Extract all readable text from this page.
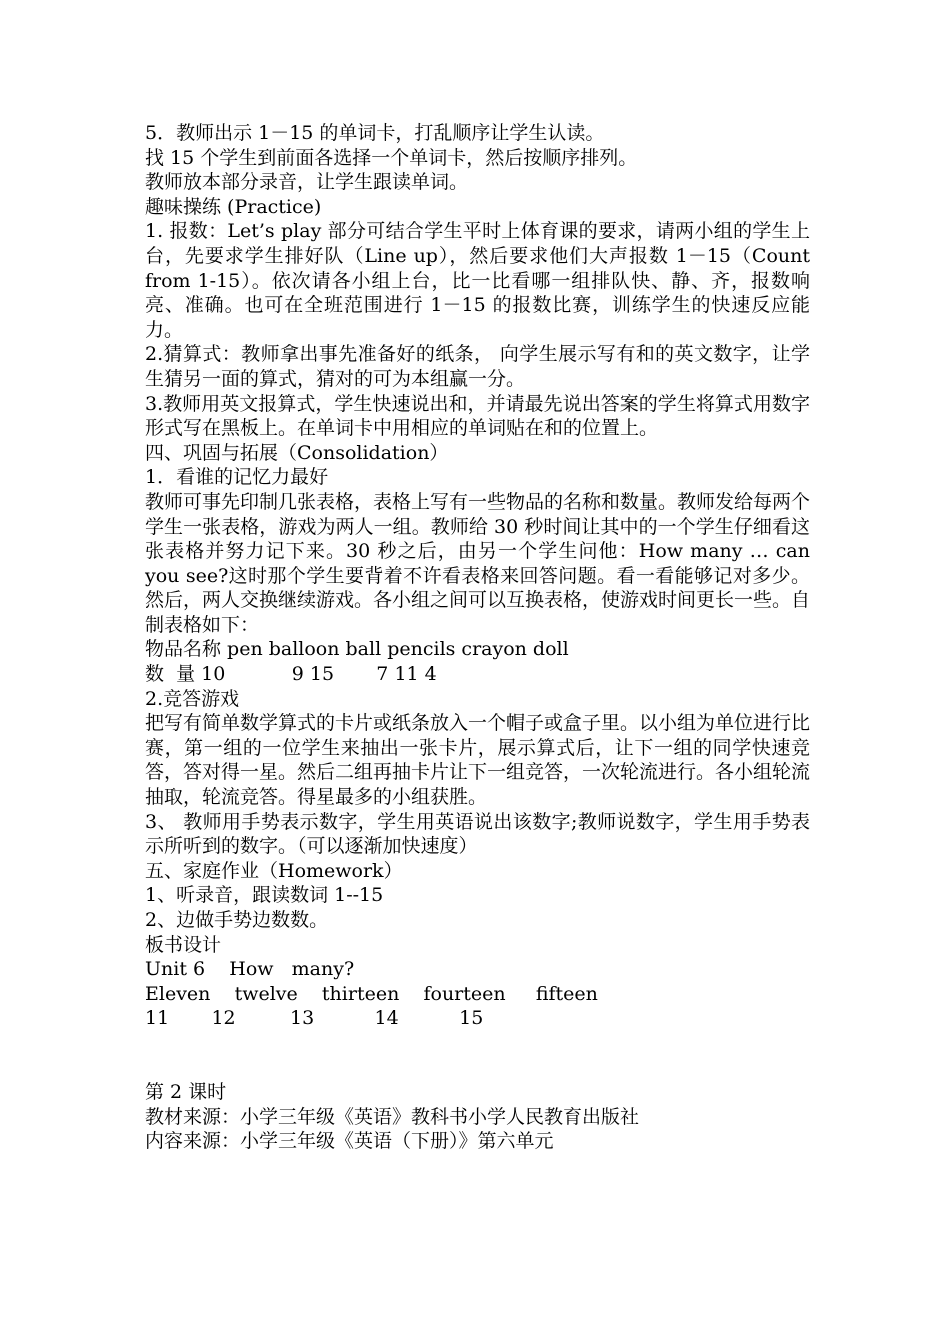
5．教师出示 1－15 的单词卡，打乱顺序让学生认读。

找 15 个学生到前面各选择一个单词卡，然后按顺序排列。

教师放本部分录音，让学生跟读单词。

趣味操练 (Practice)

1. 报数：Let’s play 部分可结合学生平时上体育课的要求，请两小组的学生上台，先要求学生排好队（Line up），然后要求他们大声报数 1－15（Count from 1-15）。依次请各小组上台，比一比看哪一组排队快、静、齐，报数响亮、准确。也可在全班范围进行 1－15 的报数比赛，训练学生的快速反应能力。

2.猜算式：教师拿出事先准备好的纸条， 向学生展示写有和的英文数字，让学生猜另一面的算式，猜对的可为本组赢一分。

3.教师用英文报算式，学生快速说出和，并请最先说出答案的学生将算式用数字形式写在黑板上。在单词卡中用相应的单词贴在和的位置上。

四、巩固与拓展（Consolidation）

1．看谁的记忆力最好

教师可事先印制几张表格，表格上写有一些物品的名称和数量。教师发给每两个学生一张表格，游戏为两人一组。教师给 30 秒时间让其中的一个学生仔细看这张表格并努力记下来。30 秒之后，由另一个学生问他：How many … can you see?这时那个学生要背着不许看表格来回答问题。看一看能够记对多少。然后，两人交换继续游戏。各小组之间可以互换表格，使游戏时间更长一些。自制表格如下：

物品名称 pen balloon ball pencils crayon doll

数  量 10           9 15       7 11 4

2.竞答游戏

把写有简单数学算式的卡片或纸条放入一个帽子或盒子里。以小组为单位进行比赛，第一组的一位学生来抽出一张卡片，展示算式后，让下一组的同学快速竞答，答对得一星。然后二组再抽卡片让下一组竞答，一次轮流进行。各小组轮流抽取，轮流竞答。得星最多的小组获胜。

3、 教师用手势表示数字，学生用英语说出该数字;教师说数字，学生用手势表示所听到的数字。（可以逐渐加快速度）

五、家庭作业（Homework）

1、听录音，跟读数词 1--15

2、边做手势边数数。

板书设计

Unit 6    How   many?

Eleven    twelve    thirteen    fourteen     fifteen

11       12         13          14          15

第 2 课时

教材来源：小学三年级《英语》教科书小学人民教育出版社

内容来源：小学三年级《英语（下册）》第六单元
